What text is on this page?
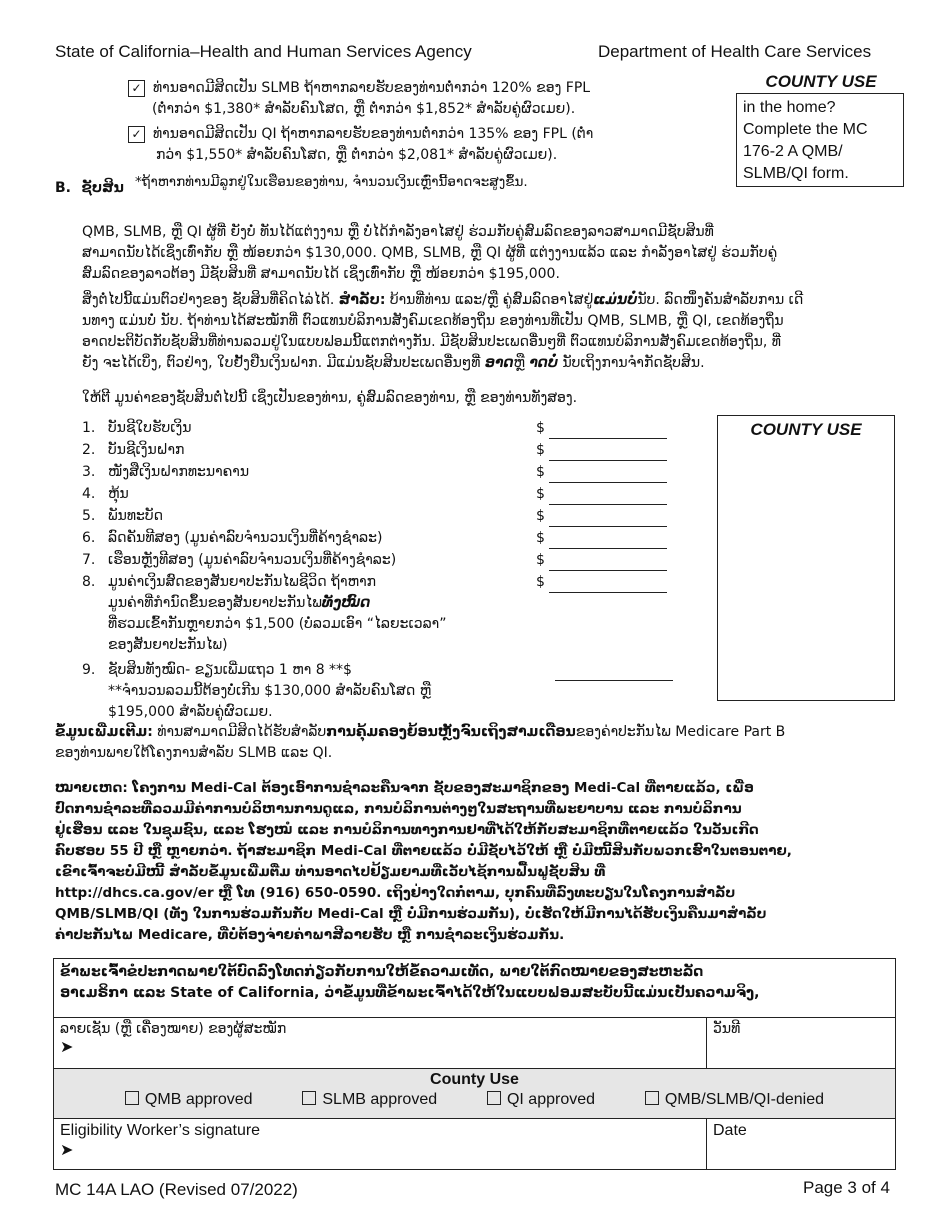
State of California–Health and Human Services Agency	Department of Health Care Services
COUNTY USE
in the home? Complete the MC 176-2 A QMB/ SLMB/QI form.
✓ ທ່ານອາດມີສິດເປັນ SLMB ຖ້າຫາກລາຍຮັບຂອງທ່ານຕໍ່າກວ່າ 120% ຂອງ FPL
(ຕໍ່າກວ່າ $1,380* ສໍາລັບຄົນໂສດ, ຫຼື ຕໍ່າກວ່າ $1,852* ສໍາລັບຄູ່ຜົວເມຍ).
✓ ທ່ານອາດມີສິດເປັນ QI ຖ້າຫາກລາຍຮັບຂອງທ່ານຕໍ່າກວ່າ 135% ຂອງ FPL (ຕໍ່າ
ກວ່າ $1,550* ສໍາລັບຄົນໂສດ, ຫຼື ຕໍ່າກວ່າ $2,081* ສໍາລັບຄູ່ຜົວເມຍ).
B. ຊັບສິນ *ຖ້າຫາກທ່ານມີລູກຢູ່ໃນເຮືອນຂອງທ່ານ, ຈໍານວນເງິນເຫຼົ່ານີ້ອາດຈະສູງຂຶ້ນ.
QMB, SLMB, ຫຼື QI ຜູ້ທີ່ ຍັງບໍ່ ທັນໄດ້ແຕ່ງງານ ຫຼື ບໍ່ໄດ້ກໍາລັງອາໄສຢູ່ ຮ່ວມກັບຄູ່ສົມລົດຂອງລາວສາມາດມີຊັບສິນທີ່
ສາມາດນັບໄດ້ເຊິ່ງເທົ່າກັບ ຫຼື ໜ້ອຍກວ່າ $130,000. QMB, SLMB, ຫຼື QI ຜູ້ທີ່ ແຕ່ງງານແລ້ວ ແລະ ກໍາລັງອາໄສຢູ່ ຮ່ວມກັບຄູ່
ສົມລົດຂອງລາວຕ້ອງ ມີຊັບສິນທີ່ ສາມາດນັບໄດ້ ເຊິ່ງເທົ່າກັບ ຫຼື ໜ້ອຍກວ່າ $195,000.
ສິ່ງຕໍ່ໄປນີ້ແມ່ນຕົວຢ່າງຂອງ ຊັບສິນທີ່ຄິດໄລ່ໄດ້. ສໍາລັບ: ບ້ານທີ່ທ່ານ ແລະ/ຫຼື ຄູ່ສົມລົດອາໄສຢູ່ແມ່ນບໍ່ນັບ. ລົດໜຶ່ງຄັນສໍາລັບການ ເດີ
ນທາງ ແມ່ນບໍ່ ນັບ. ຖ້າທ່ານໄດ້ສະໝັກທີ່ ຕົວແທນບໍລິການສັງຄົມເຂດທ້ອງຖິ່ນ ຂອງທ່ານທີ່ເປັນ QMB, SLMB, ຫຼື QI, ເຂດທ້ອງຖິ່ນ
ອາດປະຕິບັດກັບຊັບສິນທີ່ທ່ານລວມຢູ່ໃນແບບຟອມນີ້ແຕກຕ່າງກັນ. ມີຊັບສິນປະເພດອື່ນໆທີ່ ຕົວແທນບໍລິການສັງຄົມເຂດທ້ອງຖິ່ນ, ທີ່
ຍັງ ຈະໄດ້ເບິ່ງ, ຕົວຢ່າງ, ໃບຢັ້ງຢືນເງິນຝາກ. ມີແມ່ນຊັບສິນປະເພດອື່ນໆທີ່ ອາດຫຼື າດບໍ່ ນັບເຖິງການຈໍາກັດຊັບສິນ.
ໃຫ້ຕີ ມູນຄ່າຂອງຊັບສິນຕໍ່ໄປນີ້ ເຊິ່ງເປັນຂອງທ່ານ, ຄູ່ສົມລົດຂອງທ່ານ, ຫຼື ຂອງທ່ານທັງສອງ.
COUNTY USE
1. ບັນຊີໃບຮັບເງິນ	$
2. ບັນຊີເງິນຝາກ	$
3. ໜັງສືເງິນຝາກທະນາຄານ	$
4. ຫຸ້ນ	$
5. ພັນທະບັດ	$
6. ລົດຄັນທີສອງ (ມູນຄ່າລົບຈໍານວນເງິນທີ່ຄ້າງຊໍາລະ)	$
7. ເຮືອນຫຼັງທີສອງ (ມູນຄ່າລົບຈໍານວນເງິນທີ່ຄ້າງຊໍາລະ)	$
8. ມູນຄ່າເງິນສົດຂອງສັນຍາປະກັນໄພຊີວິດ ຖ້າຫາກ
ມູນຄ່າທີ່ກໍານົດຂຶ້ນຂອງສັນຍາປະກັນໄພທັງໝົດ
ທີ່ຮວມເຂົ້າກັນຫຼາຍກວ່າ $1,500 (ບໍ່ລວມເອົາ “ໄລຍະເວລາ”
ຂອງສັນຍາປະກັນໄພ)
$
9. ຊັບສິນທັງໝົດ- ຂຽນເພີ່ມແຖວ 1 ຫາ 8 **$
**ຈໍານວນລວມນີ້ຕ້ອງບໍ່ເກີນ $130,000 ສໍາລັບຄົນໂສດ ຫຼື
$195,000 ສໍາລັບຄູ່ຜົວເມຍ.
ຂໍ້ມູນເພີ່ມເຕີມ: ທ່ານສາມາດມີສິດໄດ້ຮັບສໍາລັບການຄຸ້ມຄອງຍ້ອນຫຼັງຈົນເຖິງສາມເດືອນຂອງຄ່າປະກັນໄພ Medicare Part B
ຂອງທ່ານພາຍໃຕ້ໂຄງການສໍາລັບ SLMB ແລະ QI.
ໝາຍເຫດ: ໂຄງການ Medi-Cal ຕ້ອງເອົາການຊໍາລະຄືນຈາກ ຊັບຂອງສະມາຊິກຂອງ Medi-Cal ທີ່ຕາຍແລ້ວ, ເພື່ອ
ປົດການຊໍາລະທີ່ລວມມີຄ່າການບໍລິຫານການດູແລ, ການບໍລິການຕ່າງໆໃນສະຖານທີ່ພະຍາບານ ແລະ ການບໍລິການ
ຢູ່ເຮືອນ ແລະ ໃນຊຸມຊົນ, ແລະ ໂຮງໝໍ ແລະ ການບໍລິການທາງການຢາທີ່ໄດ້ໃຫ້ກັບສະມາຊິກທີ່ຕາຍແລ້ວ ໃນວັນເກີດ
ຄົບຮອບ 55 ປີ ຫຼື ຫຼາຍກວ່າ. ຖ້າສະມາຊິກ Medi-Cal ທີ່ຕາຍແລ້ວ ບໍ່ມີຊັບໄວ້ໃຫ້ ຫຼື ບໍ່ມີໜີ້ສິນກັບພວກເຮົາໃນຕອນຕາຍ,
ເຂົາເຈົ້າຈະບໍ່ມີໜີ້ ສໍາລັບຂໍ້ມູນເພີ່ມຕື່ມ ທ່ານອາດໄປຢ້ຽມຍາມທີ່ເວັບໄຊ້ການຟື້ນຟູຊັບສິນ ທີ່
http://dhcs.ca.gov/er ຫຼື ໂທ (916) 650-0590. ເຖິງຢ່າງໃດກໍ່ຕາມ, ບຸກຄົນທີ່ລົງທະບຽນໃນໂຄງການສໍາລັບ
QMB/SLMB/QI (ທັງ ໃນການຮ່ວມກັນກັບ Medi-Cal ຫຼື ບໍ່ມີການຮ່ວມກັນ), ບໍ່ເຮັດໃຫ້ມີການໄດ້ຮັບເງິນຄືນມາສໍາລັບ
ຄ່າປະກັນໄພ Medicare, ທີ່ບໍ່ຕ້ອງຈ່າຍຄ່າພາສີລາຍຮັບ ຫຼື ການຊໍາລະເງິນຮ່ວມກັນ.
ຂ້າພະເຈົ້າຂໍປະກາດພາຍໃຕ້ບົດລົງໂທດກ່ຽວກັບການໃຫ້ຂໍ້ຄວາມເທັດ, ພາຍໃຕ້ກົດໝາຍຂອງສະຫະລັດ
ອາເມຣິກາ ແລະ State of California, ວ່າຂໍ້ມູນທີ່ຂ້າພະເຈົ້າໄດ້ໃຫ້ໃນແບບຟອມສະບັບນີ້ແມ່ນເປັນຄວາມຈິງ,	

ລາຍເຊັນ (ຫຼື ເຄື່ອງໝາຍ) ຂອງຜູ້ສະໝັກ
➤	ວັນທີ

County Use
QMB approved SLMB approved QI approved QMB/SLMB/QI-denied	

Eligibility Worker’s signature
➤	Date
MC 14A LAO (Revised 07/2022)	Page 3 of 4
